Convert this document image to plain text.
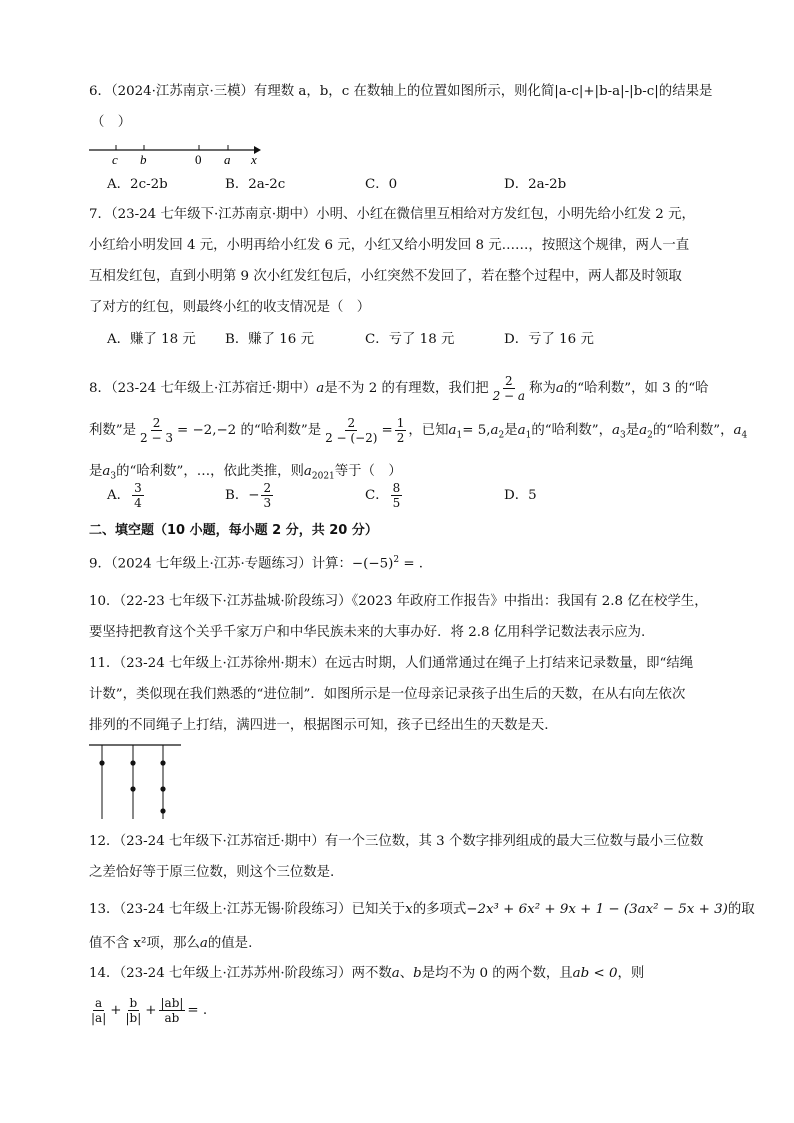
6．（2024·江苏南京·三模）有理数 a，b，c 在数轴上的位置如图所示，则化简|a-c|+|b-a|-|b-c|的结果是
（　）
c b	0 a x
A．2c-2b	B．2a-2c	C．0	D．2a-2b
7．（23-24 七年级下·江苏南京·期中）小明、小红在微信里互相给对方发红包，小明先给小红发 2 元，
小红给小明发回 4 元，小明再给小红发 6 元，小红又给小明发回 8 元……，按照这个规律，两人一直
互相发红包，直到小明第 9 次小红发红包后，小红突然不发回了，若在整个过程中，两人都及时领取
了对方的红包，则最终小红的收支情况是（　）
A．赚了 18 元 B．赚了 16 元	C．亏了 18 元	D．亏了 16 元
8．（23-24 七年级上·江苏宿迁·期中）a是不为 2 的有理数，我们把 $\frac{2}{2 - a}$ 称为a的“哈利数”，如 3 的“哈
利数”是 $\frac{2}{2 - 3} = -2,-2$ 的“哈利数”是 $\frac{2}{2 - (-2)} = \frac{1}{2}$ ，已知$a_1= 5,a_2$是$a_1$的“哈利数”，$a_3$是$a_2$的“哈利数”，$a_4$
是$a_3$的“哈利数”，…，依此类推，则$a_{2021}$等于（　）
A． $\frac{3}{4}$	B．− $\frac{2}{3}$	C． $\frac{8}{5}$	D．5
二、填空题（10 小题，每小题 2 分，共 20 分）
9．（2024 七年级上·江苏·专题练习）计算：$-(-5)^2$ = .
10．（22-23 七年级下·江苏盐城·阶段练习）《2023 年政府工作报告》中指出：我国有 2.8 亿在校学生，
要坚持把教育这个关乎千家万户和中华民族未来的大事办好．将 2.8 亿用科学记数法表示应为.
11．（23-24 七年级上·江苏徐州·期末）在远古时期，人们通常通过在绳子上打结来记录数量，即“结绳
计数”，类似现在我们熟悉的“进位制”．如图所示是一位母亲记录孩子出生后的天数，在从右向左依次
排列的不同绳子上打结，满四进一，根据图示可知，孩子已经出生的天数是天.
12．（23-24 七年级下·江苏宿迁·期中）有一个三位数，其 3 个数字排列组成的最大三位数与最小三位数
之差恰好等于原三位数，则这个三位数是.
13．（23-24 七年级上·江苏无锡·阶段练习）已知关于x的多项式−2x³ + 6x² + 9x + 1 − (3ax² − 5x + 3)的取
值不含 x²项，那么a的值是.
14．（23-24 七年级上·江苏苏州·阶段练习）两不数a、b是均不为 0 的两个数，且ab < 0，则
$\frac{a}{|a|} + \frac{b}{|b|} + \frac{|ab|}{ab}$ = .
